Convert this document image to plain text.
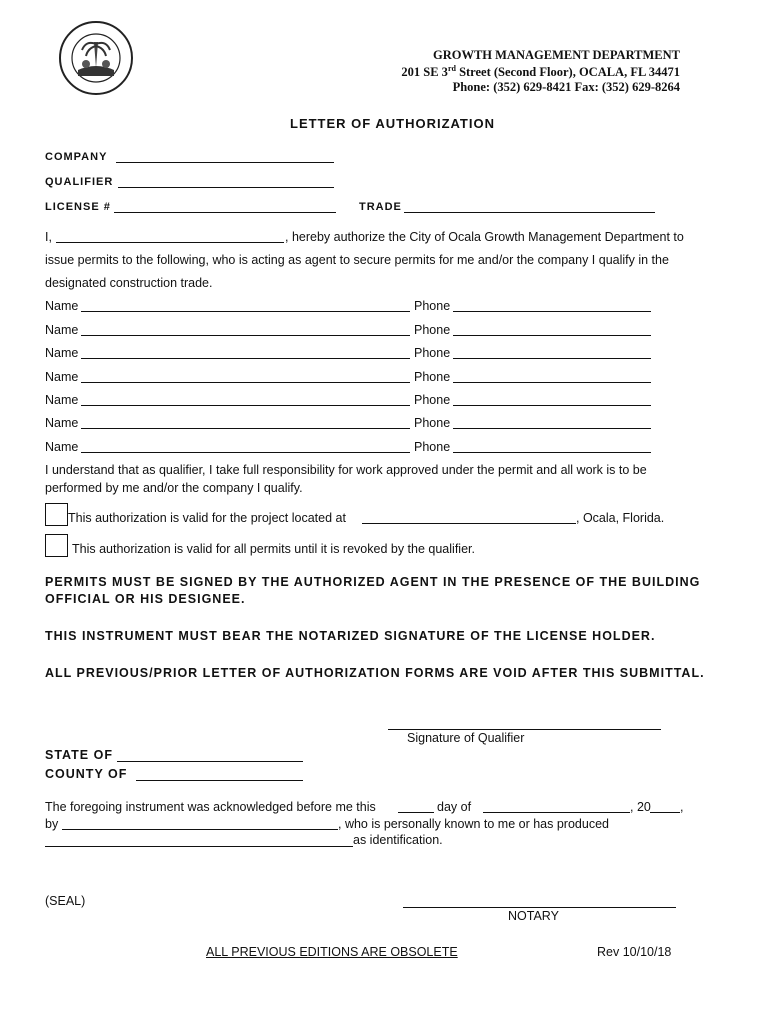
GROWTH MANAGEMENT DEPARTMENT
201 SE 3rd Street (Second Floor), OCALA, FL 34471
Phone: (352) 629-8421 Fax: (352) 629-8264
LETTER OF AUTHORIZATION
COMPANY
QUALIFIER
LICENSE #	TRADE
I,	, hereby authorize the City of Ocala Growth Management Department to
issue permits to the following, who is acting as agent to secure permits for me and/or the company I qualify in the
designated construction trade.
Name	Phone
Name	Phone
Name	Phone
Name	Phone
Name	Phone
Name	Phone
Name	Phone
I understand that as qualifier, I take full responsibility for work approved under the permit and all work is to be
performed by me and/or the company I qualify.
This authorization is valid for the project located at	, Ocala, Florida.
This authorization is valid for all permits until it is revoked by the qualifier.
PERMITS MUST BE SIGNED BY THE AUTHORIZED AGENT IN THE PRESENCE OF THE BUILDING
OFFICIAL OR HIS DESIGNEE.
THIS INSTRUMENT MUST BEAR THE NOTARIZED SIGNATURE OF THE LICENSE HOLDER.
ALL PREVIOUS/PRIOR LETTER OF AUTHORIZATION FORMS ARE VOID AFTER THIS SUBMITTAL.
Signature of Qualifier
STATE OF
COUNTY OF
The foregoing instrument was acknowledged before me this	day of	, 20 ,
by	, who is personally known to me or has produced
as identification.
(SEAL)
NOTARY
ALL PREVIOUS EDITIONS ARE OBSOLETE	Rev 10/10/18
